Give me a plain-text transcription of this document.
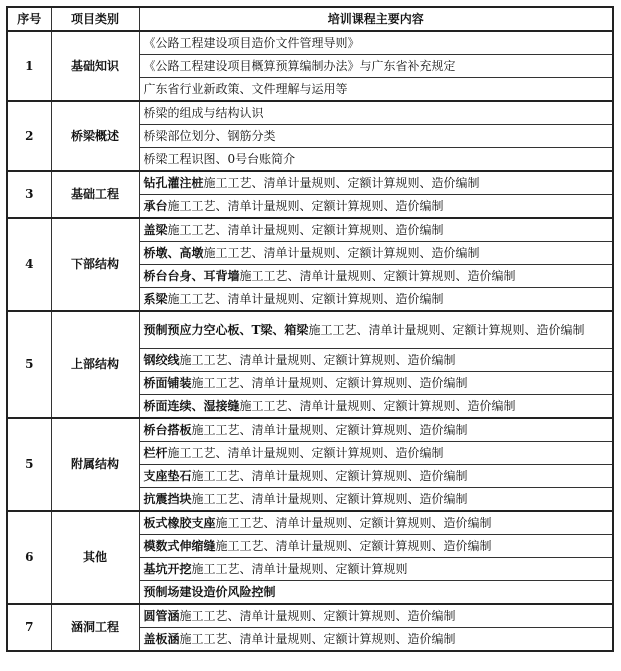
序号	项目类别	培训课程主要内容
1	基础知识	《公路工程建设项目造价文件管理导则》
		《公路工程建设项目概算预算编制办法》与广东省补充规定
		广东省行业新政策、文件理解与运用等
2	桥梁概述	桥梁的组成与结构认识
		桥梁部位划分、钢筋分类
		桥梁工程识图、0号台账简介
3	基础工程	钻孔灌注桩施工工艺、清单计量规则、定额计算规则、造价编制
		承台施工工艺、清单计量规则、定额计算规则、造价编制
4	下部结构	盖梁施工工艺、清单计量规则、定额计算规则、造价编制
		桥墩、高墩施工工艺、清单计量规则、定额计算规则、造价编制
		桥台台身、耳背墙施工工艺、清单计量规则、定额计算规则、造价编制
		系梁施工工艺、清单计量规则、定额计算规则、造价编制
5	上部结构	预制预应力空心板、T梁、箱梁施工工艺、清单计量规则、定额计算规则、造价编制
		钢绞线施工工艺、清单计量规则、定额计算规则、造价编制
		桥面铺装施工工艺、清单计量规则、定额计算规则、造价编制
		桥面连续、湿接缝施工工艺、清单计量规则、定额计算规则、造价编制
5	附属结构	桥台搭板施工工艺、清单计量规则、定额计算规则、造价编制
		栏杆施工工艺、清单计量规则、定额计算规则、造价编制
		支座垫石施工工艺、清单计量规则、定额计算规则、造价编制
		抗震挡块施工工艺、清单计量规则、定额计算规则、造价编制
6	其他	板式橡胶支座施工工艺、清单计量规则、定额计算规则、造价编制
		模数式伸缩缝施工工艺、清单计量规则、定额计算规则、造价编制
		基坑开挖施工工艺、清单计量规则、定额计算规则
		预制场建设造价风险控制
7	涵洞工程	圆管涵施工工艺、清单计量规则、定额计算规则、造价编制
		盖板涵施工工艺、清单计量规则、定额计算规则、造价编制
